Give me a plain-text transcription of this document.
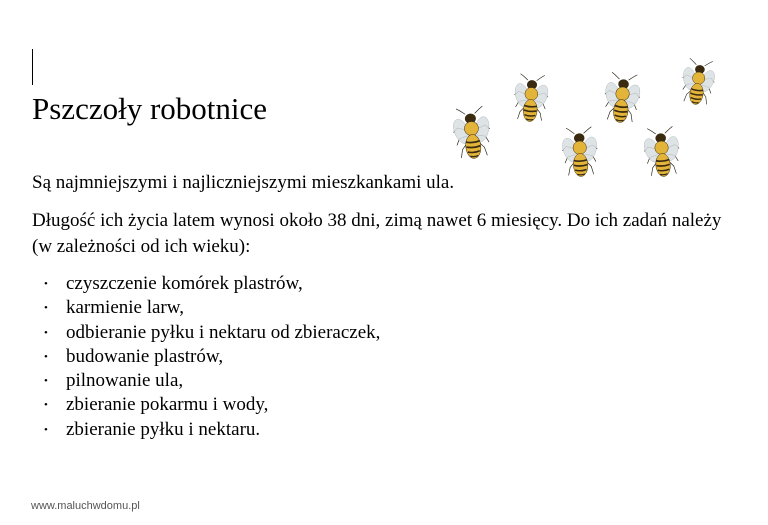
Pszczoły robotnice

Są najmniejszymi i najliczniejszymi mieszkankami ula.

Długość ich życia latem wynosi około 38 dni, zimą nawet 6 miesięcy. Do ich zadań należy (w zależności od ich wieku):

• czyszczenie komórek plastrów,
• karmienie larw,
• odbieranie pyłku i nektaru od zbieraczek,
• budowanie plastrów,
• pilnowanie ula,
• zbieranie pokarmu i wody,
• zbieranie pyłku i nektaru.
www.maluchwdomu.pl
